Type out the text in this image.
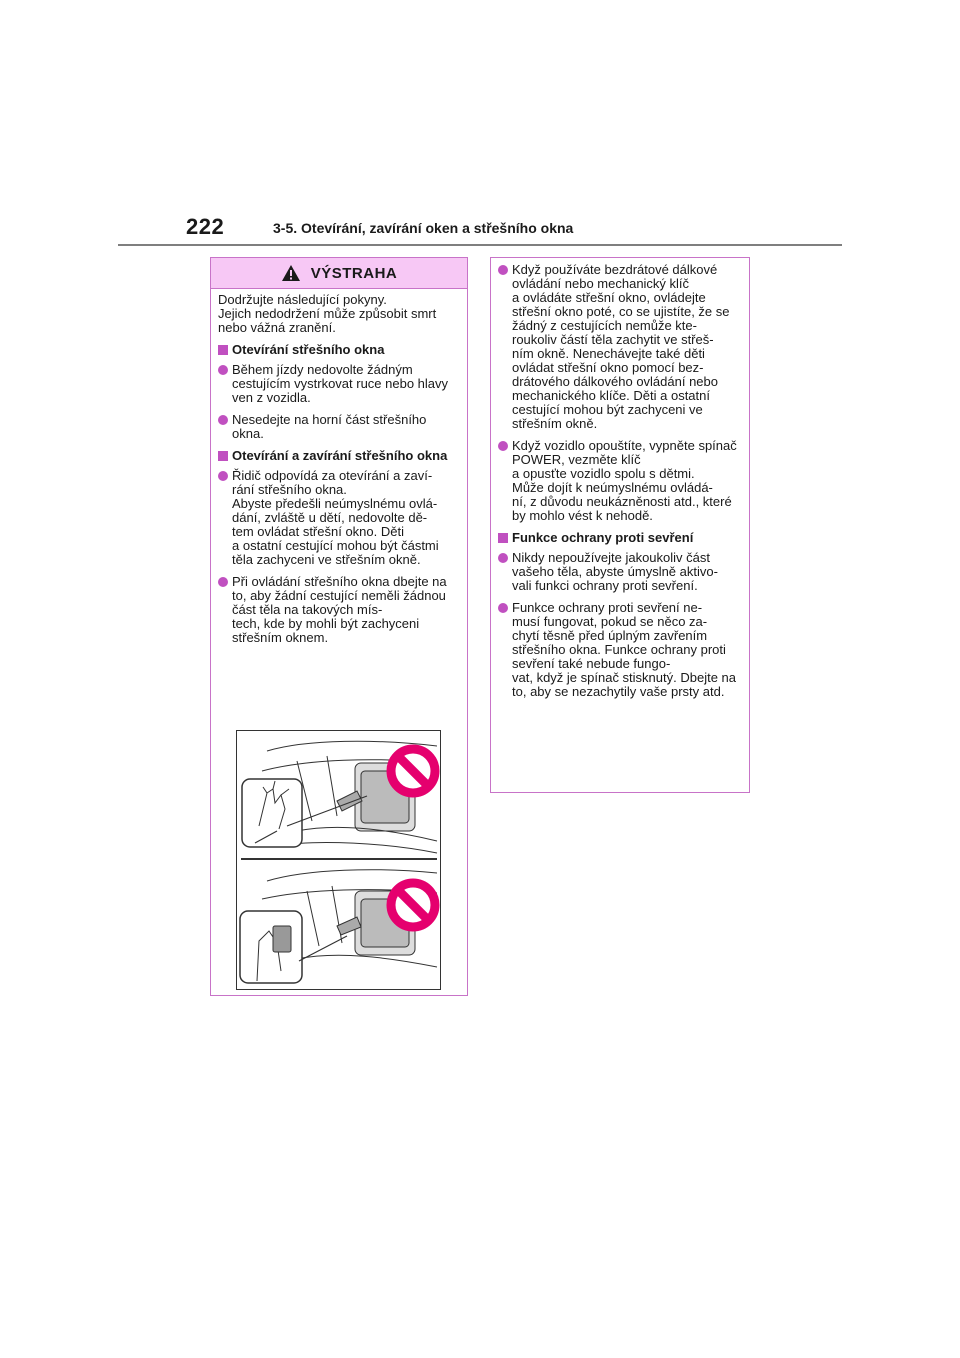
222	3-5. Otevírání, zavírání oken a střešního okna
VÝSTRAHA

Dodržujte následující pokyny.
Jejich nedodržení může způsobit smrt nebo vážná zranění.

Otevírání střešního okna
Během jízdy nedovolte žádným cestujícím vystrkovat ruce nebo hlavy ven z vozidla.
Nesedejte na horní část střešního okna.
Otevírání a zavírání střešního okna
Řidič odpovídá za otevírání a zaví-
rání střešního okna.
Abyste předešli neúmyslnému ovlá-
dání, zvláště u dětí, nedovolte dě-
tem ovládat střešní okno. Děti
a ostatní cestující mohou být částmi těla zachyceni ve střešním okně.
Při ovládání střešního okna dbejte na to, aby žádní cestující neměli žádnou část těla na takových mís-
tech, kde by mohli být zachyceni střešním oknem.
Když používáte bezdrátové dálkové ovládání nebo mechanický klíč
a ovládáte střešní okno, ovládejte střešní okno poté, co se ujistíte, že se žádný z cestujících nemůže kte-
roukoliv částí těla zachytit ve střeš-
ním okně. Nenechávejte také děti ovládat střešní okno pomocí bez-
drátového dálkového ovládání nebo mechanického klíče. Děti a ostatní cestující mohou být zachyceni ve střešním okně.
Když vozidlo opouštíte, vypněte spínač POWER, vezměte klíč
a opusťte vozidlo spolu s dětmi.
Může dojít k neúmyslnému ovládá-
ní, z důvodu neukázněnosti atd., které by mohlo vést k nehodě.
Funkce ochrany proti sevření
Nikdy nepoužívejte jakoukoliv část vašeho těla, abyste úmyslně aktivo-
vali funkci ochrany proti sevření.
Funkce ochrany proti sevření ne-
musí fungovat, pokud se něco za-
chytí těsně před úplným zavřením střešního okna. Funkce ochrany proti sevření také nebude fungo-
vat, když je spínač stisknutý. Dbejte na to, aby se nezachytily vaše prsty atd.
